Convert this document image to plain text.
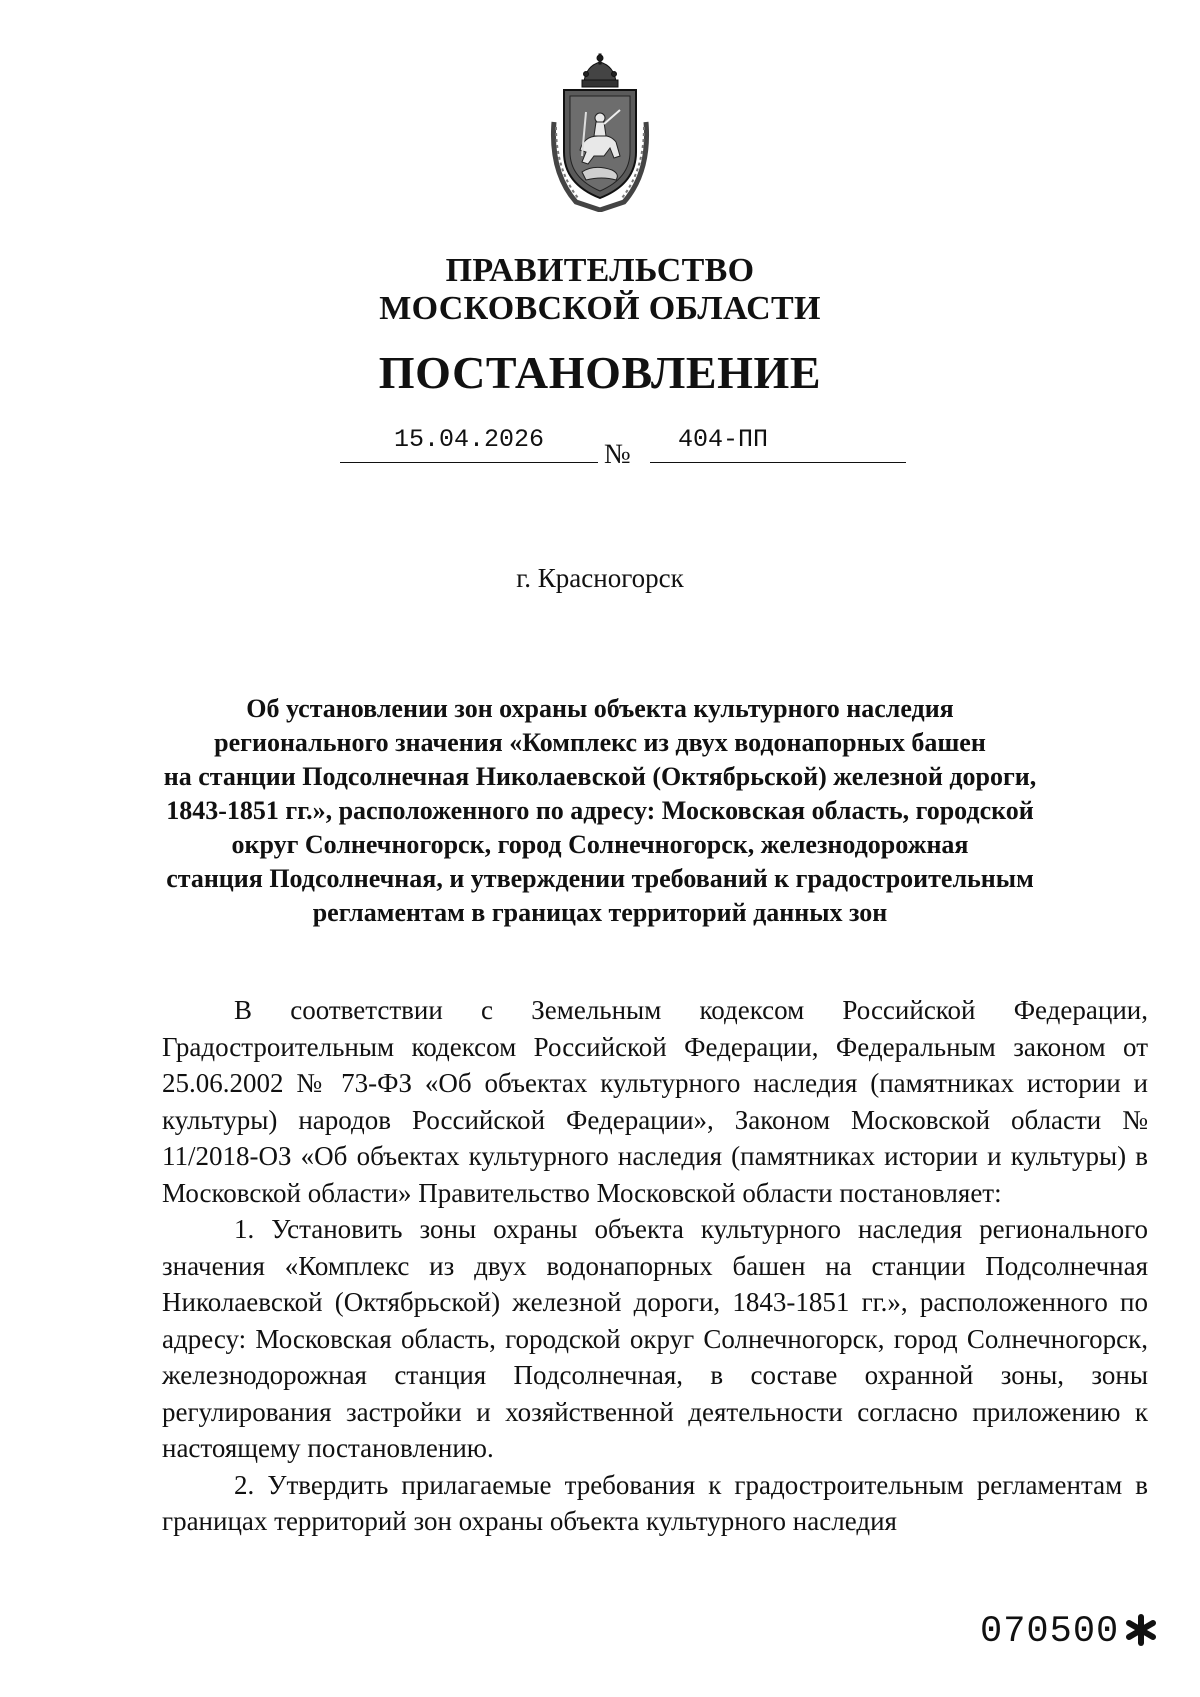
ПРАВИТЕЛЬСТВО
МОСКОВСКОЙ ОБЛАСТИ
ПОСТАНОВЛЕНИЕ
15.04.2026	№	404-ПП
г. Красногорск
Об установлении зон охраны объекта культурного наследия
регионального значения «Комплекс из двух водонапорных башен
на станции Подсолнечная Николаевской (Октябрьской) железной дороги,
1843-1851 гг.», расположенного по адресу: Московская область, городской
округ Солнечногорск, город Солнечногорск, железнодорожная
станция Подсолнечная, и утверждении требований к градостроительным
регламентам в границах территорий данных зон

В соответствии с Земельным кодексом Российской Федерации, Градостроительным кодексом Российской Федерации, Федеральным законом от 25.06.2002 № 73-ФЗ «Об объектах культурного наследия (памятниках истории и культуры) народов Российской Федерации», Законом Московской области № 11/2018-ОЗ «Об объектах культурного наследия (памятниках истории и культуры) в Московской области» Правительство Московской области постановляет:

1. Установить зоны охраны объекта культурного наследия регионального значения «Комплекс из двух водонапорных башен на станции Подсолнечная Николаевской (Октябрьской) железной дороги, 1843-1851 гг.», расположенного по адресу: Московская область, городской округ Солнечногорск, город Солнечногорск, железнодорожная станция Подсолнечная, в составе охранной зоны, зоны регулирования застройки и хозяйственной деятельности согласно приложению к настоящему постановлению.

2. Утвердить прилагаемые требования к градостроительным регламентам в границах территорий зон охраны объекта культурного наследия

070500
